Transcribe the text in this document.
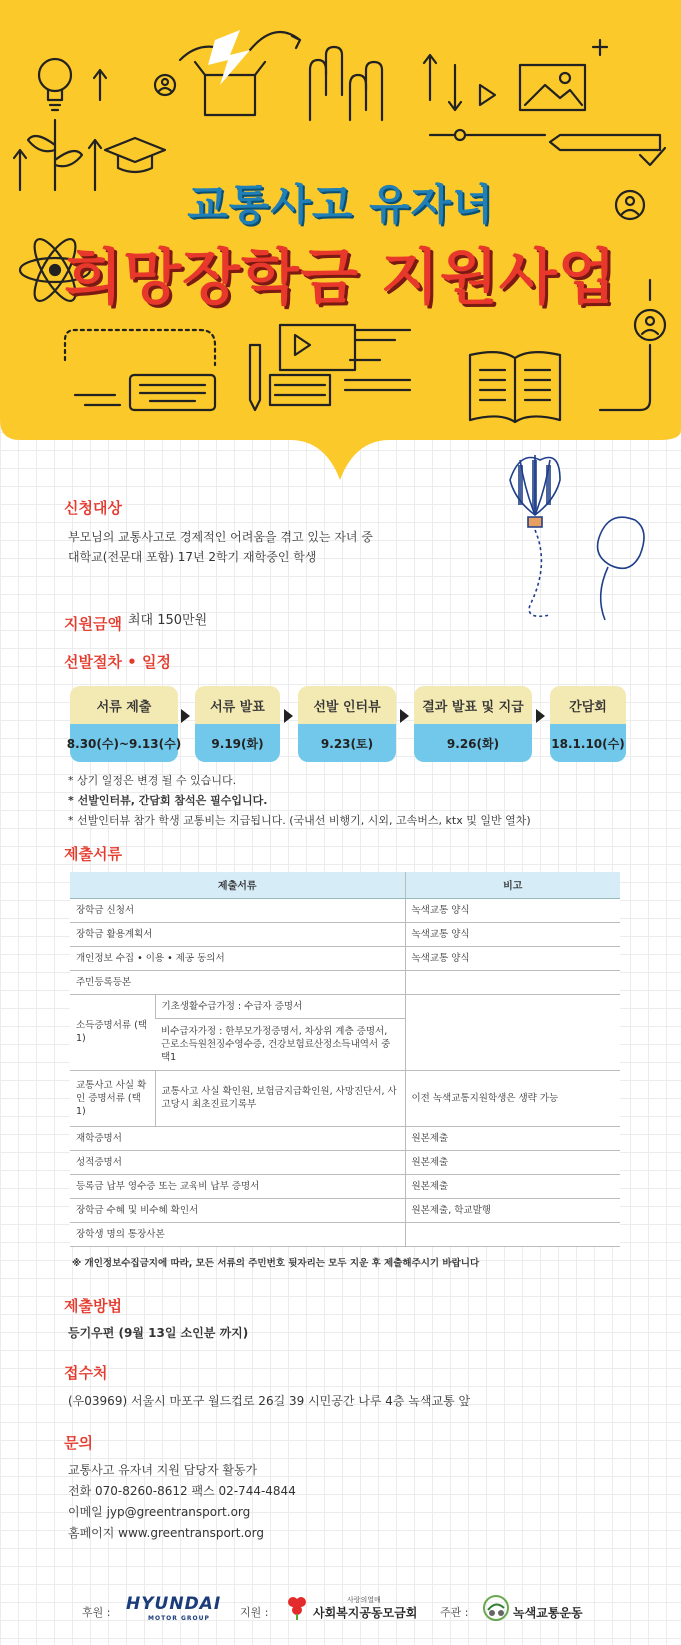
교통사고 유자녀
희망장학금 지원사업
신청대상
부모님의 교통사고로 경제적인 어려움을 겪고 있는 자녀 중
대학교(전문대 포함) 17년 2학기 재학중인 학생
지원금액 최대 150만원
선발절차 • 일정
서류 제출
8.30(수)~9.13(수)
서류 발표
9.19(화)
선발 인터뷰
9.23(토)
결과 발표 및 지급
9.26(화)
간담회
18.1.10(수)
* 상기 일정은 변경 될 수 있습니다.
* 선발인터뷰, 간담회 참석은 필수입니다.
* 선발인터뷰 참가 학생 교통비는 지급됩니다. (국내선 비행기, 시외, 고속버스, ktx 및 일반 열차)
제출서류
제출서류		비고
장학금 신청서		녹색교통 양식
장학금 활용계획서		녹색교통 양식
개인정보 수집 • 이용 • 제공 동의서		녹색교통 양식
주민등록등본		
소득증명서류 (택1)	기초생활수급가정 : 수급자 증명서	
	비수급자가정 : 한부모가정증명서, 차상위 계층 증명서, 근로소득원천징수영수증, 건강보험료산정소득내역서 중 택1	
교통사고 사실 확인 증명서류 (택 1)	교통사고 사실 확인원, 보험금지급확인원, 사망진단서, 사고당시 최초진료기록부	이전 녹색교통지원학생은 생략 가능
재학증명서		원본제출
성적증명서		원본제출
등록금 납부 영수증 또는 교육비 납부 증명서		원본제출
장학금 수혜 및 비수혜 확인서		원본제출, 학교발행
장학생 명의 통장사본		
※ 개인정보수집금지에 따라, 모든 서류의 주민번호 뒷자리는 모두 지운 후 제출해주시기 바랍니다
제출방법
등기우편 (9월 13일 소인분 까지)
접수처
(우03969) 서울시 마포구 월드컵로 26길 39 시민공간 나루 4층 녹색교통 앞
문의
교통사고 유자녀 지원 담당자 활동가
전화 070-8260-8612 팩스 02-744-4844
이메일 jyp@greentransport.org
홈페이지 www.greentransport.org
후원 : HYUNDAI
MOTOR GROUP	지원 :
사랑의열매
사회복지공동모금회 주관 :	녹색교통운동
